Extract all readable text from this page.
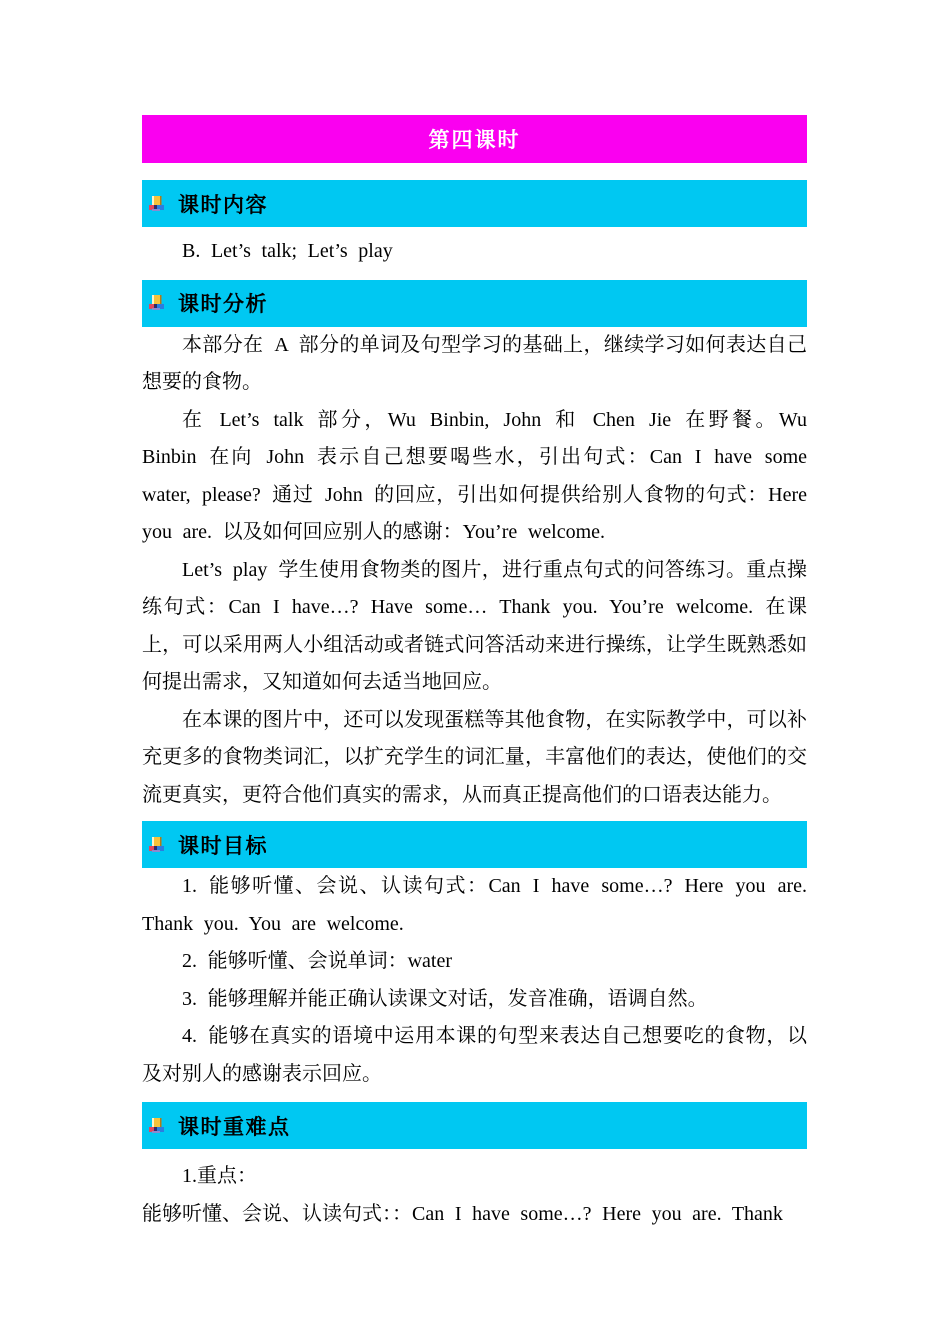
第四课时
课时内容

B. Let’s talk; Let’s play

课时分析

本部分在 A 部分的单词及句型学习的基础上，继续学习如何表达自己想要的食物。

在 Let’s talk 部分，Wu Binbin, John 和 Chen Jie 在野餐。Wu Binbin 在向 John 表示自己想要喝些水，引出句式：Can I have some water, please? 通过 John 的回应，引出如何提供给别人食物的句式：Here you are. 以及如何回应别人的感谢：You’re welcome.

Let’s play 学生使用食物类的图片，进行重点句式的问答练习。重点操练句式：Can I have…? Have some… Thank you. You’re welcome. 在课上，可以采用两人小组活动或者链式问答活动来进行操练，让学生既熟悉如何提出需求，又知道如何去适当地回应。

在本课的图片中，还可以发现蛋糕等其他食物，在实际教学中，可以补充更多的食物类词汇，以扩充学生的词汇量，丰富他们的表达，使他们的交流更真实，更符合他们真实的需求，从而真正提高他们的口语表达能力。

课时目标

1. 能够听懂、会说、认读句式：Can I have some…? Here you are. Thank you. You are welcome.

2. 能够听懂、会说单词：water

3. 能够理解并能正确认读课文对话，发音准确，语调自然。

4. 能够在真实的语境中运用本课的句型来表达自己想要吃的食物，以及对别人的感谢表示回应。

课时重难点

1.重点：

能够听懂、会说、认读句式：：Can I have some…? Here you are. Thank
